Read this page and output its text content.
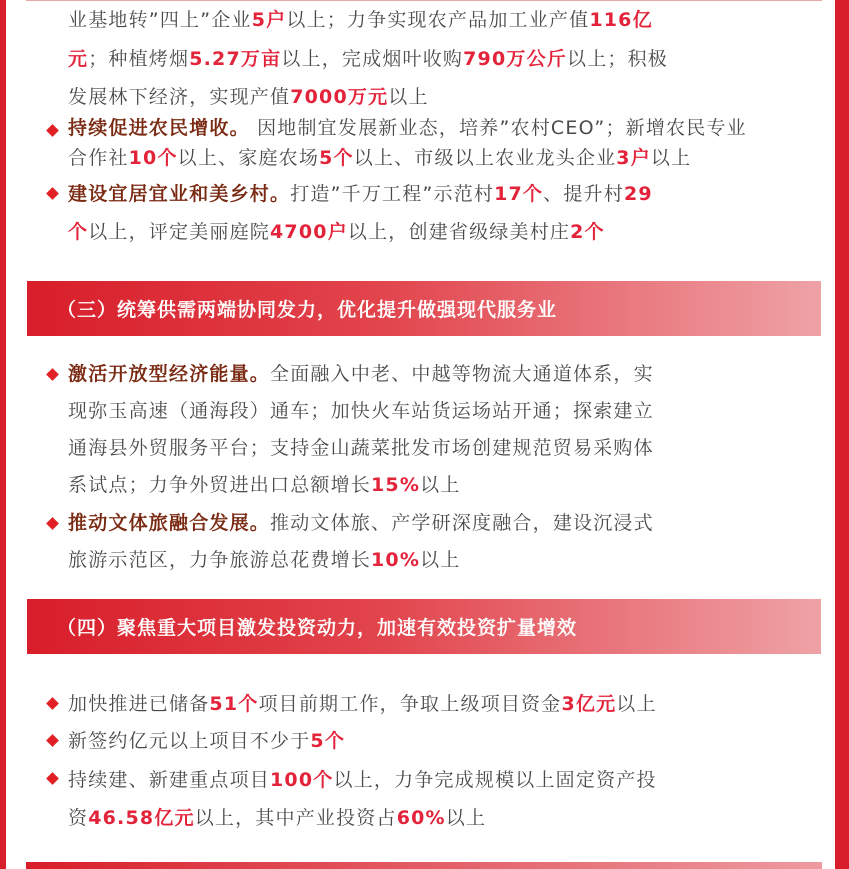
业基地转”四上”企业5户以上；力争实现农产品加工业产值116亿

元；种植烤烟5.27万亩以上，完成烟叶收购790万公斤以上；积极

发展林下经济，实现产值7000万元以上

持续促进农民增收。 因地制宜发展新业态，培养”农村CEO”；新增农民专业

合作社10个以上、家庭农场5个以上、市级以上农业龙头企业3户以上

建设宜居宜业和美乡村。打造”千万工程”示范村17个、提升村29

个以上，评定美丽庭院4700户以上，创建省级绿美村庄2个

（三）统筹供需两端协同发力，优化提升做强现代服务业

激活开放型经济能量。全面融入中老、中越等物流大通道体系，实

现弥玉高速（通海段）通车；加快火车站货运场站开通；探索建立

通海县外贸服务平台；支持金山蔬菜批发市场创建规范贸易采购体

系试点；力争外贸进出口总额增长15%以上

推动文体旅融合发展。推动文体旅、产学研深度融合，建设沉浸式

旅游示范区，力争旅游总花费增长10%以上

（四）聚焦重大项目激发投资动力，加速有效投资扩量增效

加快推进已储备51个项目前期工作，争取上级项目资金3亿元以上

新签约亿元以上项目不少于5个

持续建、新建重点项目100个以上，力争完成规模以上固定资产投

资46.58亿元以上，其中产业投资占60%以上
